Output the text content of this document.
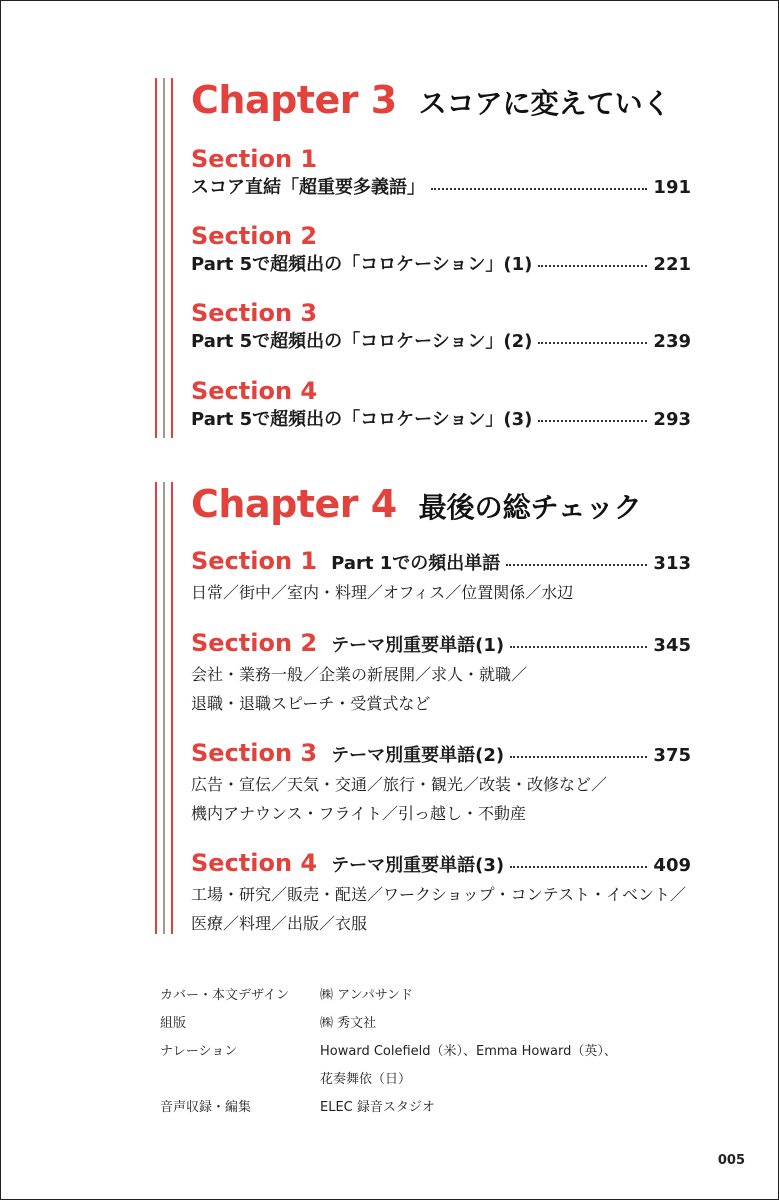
Chapter 3 スコアに変えていく
Section 1
スコア直結「超重要多義語」	191
Section 2
Part 5で超頻出の「コロケーション」(1)	221
Section 3
Part 5で超頻出の「コロケーション」(2)	239
Section 4
Part 5で超頻出の「コロケーション」(3)	293
Chapter 4 最後の総チェック
Section 1 Part 1での頻出単語	313
日常／街中／室内・料理／オフィス／位置関係／水辺
Section 2 テーマ別重要単語(1)	345
会社・業務一般／企業の新展開／求人・就職／
退職・退職スピーチ・受賞式など
Section 3 テーマ別重要単語(2)	375
広告・宣伝／天気・交通／旅行・観光／改装・改修など／
機内アナウンス・フライト／引っ越し・不動産
Section 4 テーマ別重要単語(3)	409
工場・研究／販売・配送／ワークショップ・コンテスト・イベント／
医療／料理／出版／衣服
カバー・本文デザイン	㈱ アンパサンド
組版	㈱ 秀文社
ナレーション	Howard Colefield（米）、Emma Howard（英）、
花奏舞依（日）
音声収録・編集	ELEC 録音スタジオ
005
